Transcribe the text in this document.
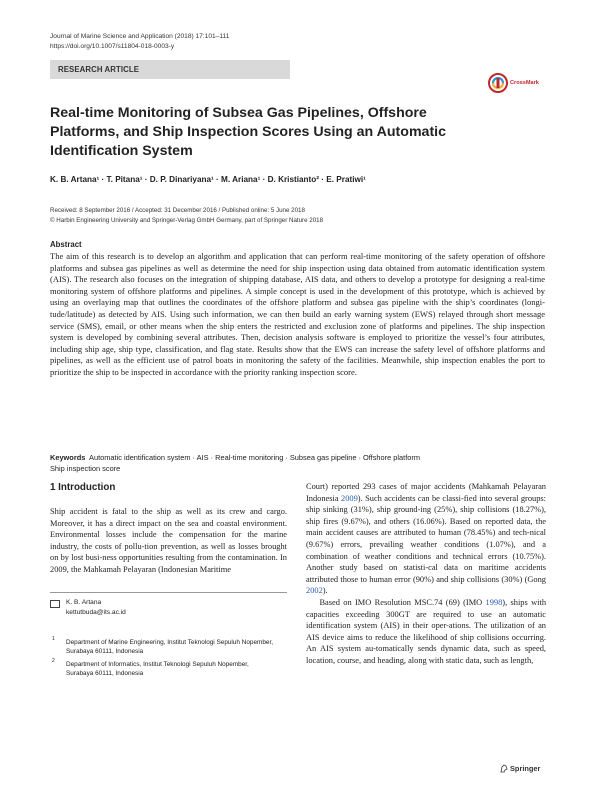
Journal of Marine Science and Application (2018) 17:101–111
https://doi.org/10.1007/s11804-018-0003-y
RESEARCH ARTICLE
CrossMark
Real-time Monitoring of Subsea Gas Pipelines, Offshore Platforms, and Ship Inspection Scores Using an Automatic Identification System
K. B. Artana¹ · T. Pitana¹ · D. P. Dinariyana¹ · M. Ariana¹ · D. Kristianto² · E. Pratiwi¹
Received: 8 September 2016 / Accepted: 31 December 2016 / Published online: 5 June 2018
© Harbin Engineering University and Springer-Verlag GmbH Germany, part of Springer Nature 2018
Abstract
The aim of this research is to develop an algorithm and application that can perform real-time monitoring of the safety operation of offshore platforms and subsea gas pipelines as well as determine the need for ship inspection using data obtained from automatic identification system (AIS). The research also focuses on the integration of shipping database, AIS data, and others to develop a prototype for designing a real-time monitoring system of offshore platforms and pipelines. A simple concept is used in the development of this prototype, which is achieved by using an overlaying map that outlines the coordinates of the offshore platform and subsea gas pipeline with the ship’s coordinates (longi-tude/latitude) as detected by AIS. Using such information, we can then build an early warning system (EWS) relayed through short message service (SMS), email, or other means when the ship enters the restricted and exclusion zone of platforms and pipelines. The ship inspection system is developed by combining several attributes. Then, decision analysis software is employed to prioritize the vessel’s four attributes, including ship age, ship type, classification, and flag state. Results show that the EWS can increase the safety level of offshore platforms and pipelines, as well as the efficient use of patrol boats in monitoring the safety of the facilities. Meanwhile, ship inspection enables the port to prioritize the ship to be inspected in accordance with the priority ranking inspection score.
Keywords Automatic identification system · AIS · Real-time monitoring · Subsea gas pipeline · Offshore platform
Ship inspection score
1 Introduction
Ship accident is fatal to the ship as well as its crew and cargo. Moreover, it has a direct impact on the sea and coastal environment. Environmental losses include the compensation for the marine industry, the costs of pollu-tion prevention, as well as losses brought on by lost busi-ness opportunities resulting from the contamination. In 2009, the Mahkamah Pelayaran (Indonesian Maritime
K. B. Artana
kettutbuda@its.ac.id
1 Department of Marine Engineering, Institut Teknologi Sepuluh Nopember, Surabaya 60111, Indonesia
2 Department of Informatics, Institut Teknologi Sepuluh Nopember, Surabaya 60111, Indonesia
Court) reported 293 cases of major accidents (Mahkamah Pelayaran Indonesia 2009). Such accidents can be classi-fied into several groups: ship sinking (31%), ship ground-ing (25%), ship collisions (18.27%), ship fires (9.67%), and others (16.06%). Based on reported data, the main accident causes are attributed to human (78.45%) and tech-nical (9.67%) errors, prevailing weather conditions (1.07%), and a combination of weather conditions and technical errors (10.75%). Another study based on statisti-cal data on maritime accidents attributed those to human error (90%) and ship collisions (30%) (Gong 2002).
Based on IMO Resolution MSC.74 (69) (IMO 1998), ships with capacities exceeding 300GT are required to use an automatic identification system (AIS) in their oper-ations. The utilization of an AIS device aims to reduce the likelihood of ship collisions occurring. An AIS system au-tomatically sends dynamic data, such as speed, location, course, and heading, along with static data, such as length,
Springer
